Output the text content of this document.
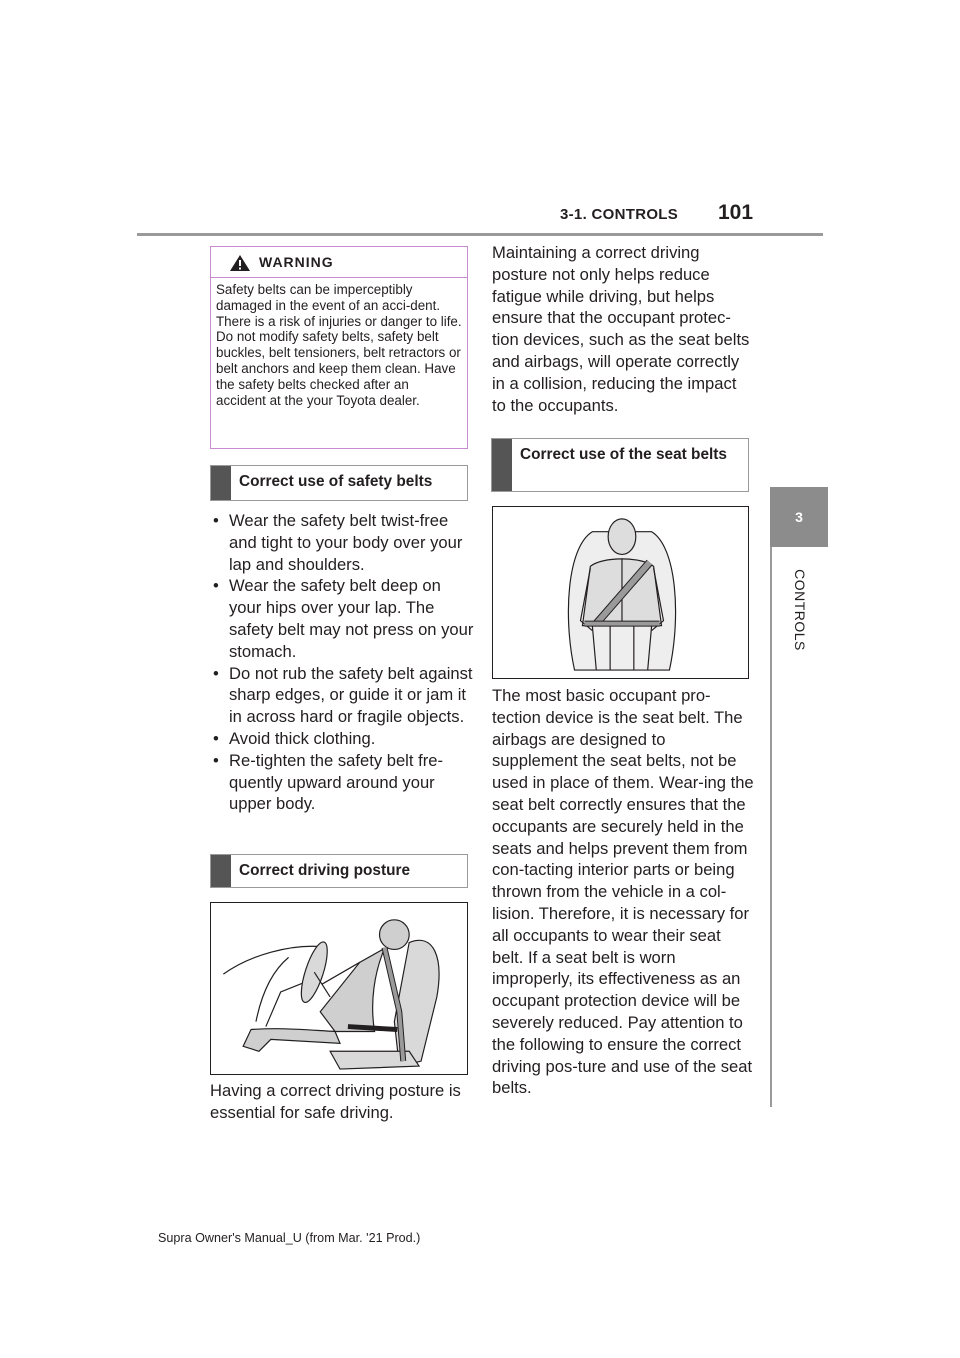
3-1. CONTROLS 101
3
CONTROLS
WARNING
Safety belts can be imperceptibly damaged in the event of an acci-dent. There is a risk of injuries or danger to life. Do not modify safety belts, safety belt buckles, belt tensioners, belt retractors or belt anchors and keep them clean. Have the safety belts checked after an accident at the your Toyota dealer.
Correct use of safety belts
• Wear the safety belt twist-free and tight to your body over your lap and shoulders.
• Wear the safety belt deep on your hips over your lap. The safety belt may not press on your stomach.
• Do not rub the safety belt against sharp edges, or guide it or jam it in across hard or fragile objects.
• Avoid thick clothing.
• Re-tighten the safety belt fre-quently upward around your upper body.
Correct driving posture

Having a correct driving posture is essential for safe driving.

Maintaining a correct driving posture not only helps reduce fatigue while driving, but helps ensure that the occupant protec-tion devices, such as the seat belts and airbags, will operate correctly in a collision, reducing the impact to the occupants.

Correct use of the seat belts

The most basic occupant pro-tection device is the seat belt. The airbags are designed to supplement the seat belts, not be used in place of them. Wear-ing the seat belt correctly ensures that the occupants are securely held in the seats and helps prevent them from con-tacting interior parts or being thrown from the vehicle in a col-lision. Therefore, it is necessary for all occupants to wear their seat belt. If a seat belt is worn improperly, its effectiveness as an occupant protection device will be severely reduced. Pay attention to the following to ensure the correct driving pos-ture and use of the seat belts.

Supra Owner's Manual_U (from Mar. '21 Prod.)
